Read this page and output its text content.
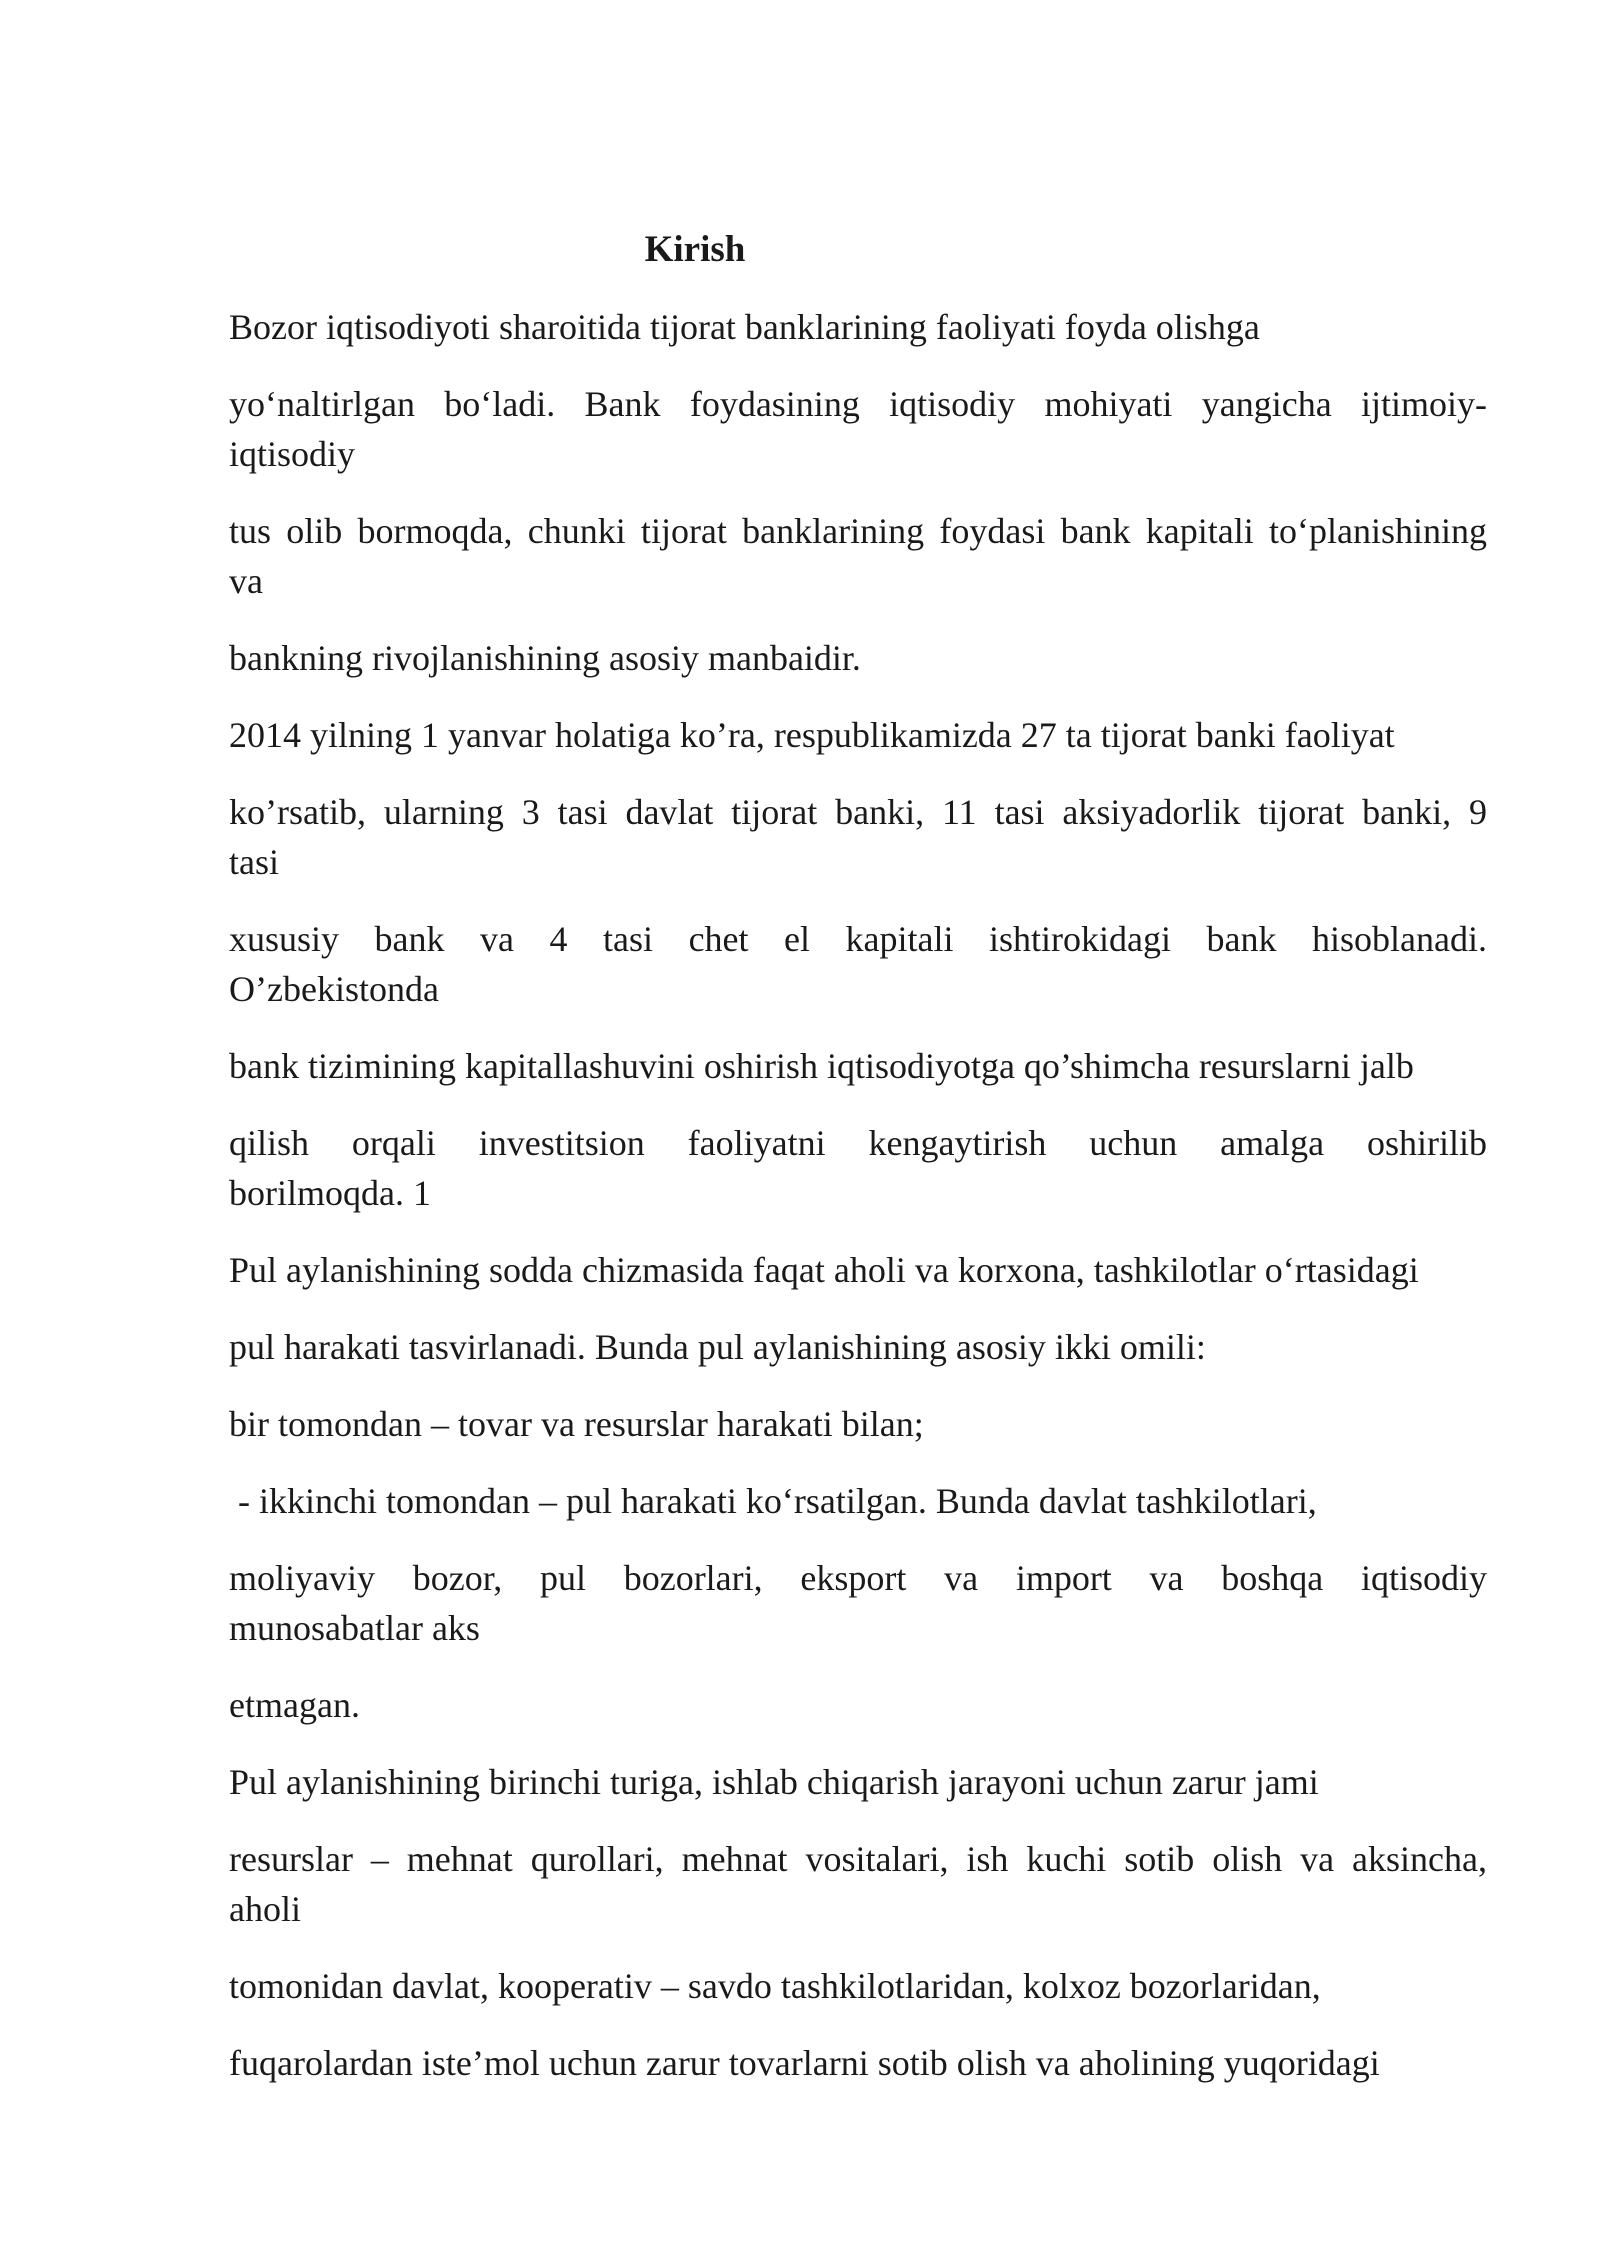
Kirish

Bozor iqtisodiyoti sharoitida tijorat banklarining faoliyati foyda olishga

yo‘naltirlgan bo‘ladi. Bank foydasining iqtisodiy mohiyati yangicha ijtimoiy-
iqtisodiy

tus olib bormoqda, chunki tijorat banklarining foydasi bank kapitali to‘planishining
va

bankning rivojlanishining asosiy manbaidir.

2014 yilning 1 yanvar holatiga ko’ra, respublikamizda 27 ta tijorat banki faoliyat

ko’rsatib, ularning 3 tasi davlat tijorat banki, 11 tasi aksiyadorlik tijorat banki, 9
tasi

xususiy bank va 4 tasi chet el kapitali ishtirokidagi bank hisoblanadi.
O’zbekistonda

bank tizimining kapitallashuvini oshirish iqtisodiyotga qo’shimcha resurslarni jalb

qilish orqali investitsion faoliyatni kengaytirish uchun amalga oshirilib
borilmoqda. 1

Pul aylanishining sodda chizmasida faqat aholi va korxona, tashkilotlar o‘rtasidagi

pul harakati tasvirlanadi. Bunda pul aylanishining asosiy ikki omili:

bir tomondan – tovar va resurslar harakati bilan;

- ikkinchi tomondan – pul harakati ko‘rsatilgan. Bunda davlat tashkilotlari,

moliyaviy bozor, pul bozorlari, eksport va import va boshqa iqtisodiy
munosabatlar aks

etmagan.

Pul aylanishining birinchi turiga, ishlab chiqarish jarayoni uchun zarur jami

resurslar – mehnat qurollari, mehnat vositalari, ish kuchi sotib olish va aksincha,
aholi

tomonidan davlat, kooperativ – savdo tashkilotlaridan, kolxoz bozorlaridan,

fuqarolardan iste’mol uchun zarur tovarlarni sotib olish va aholining yuqoridagi
